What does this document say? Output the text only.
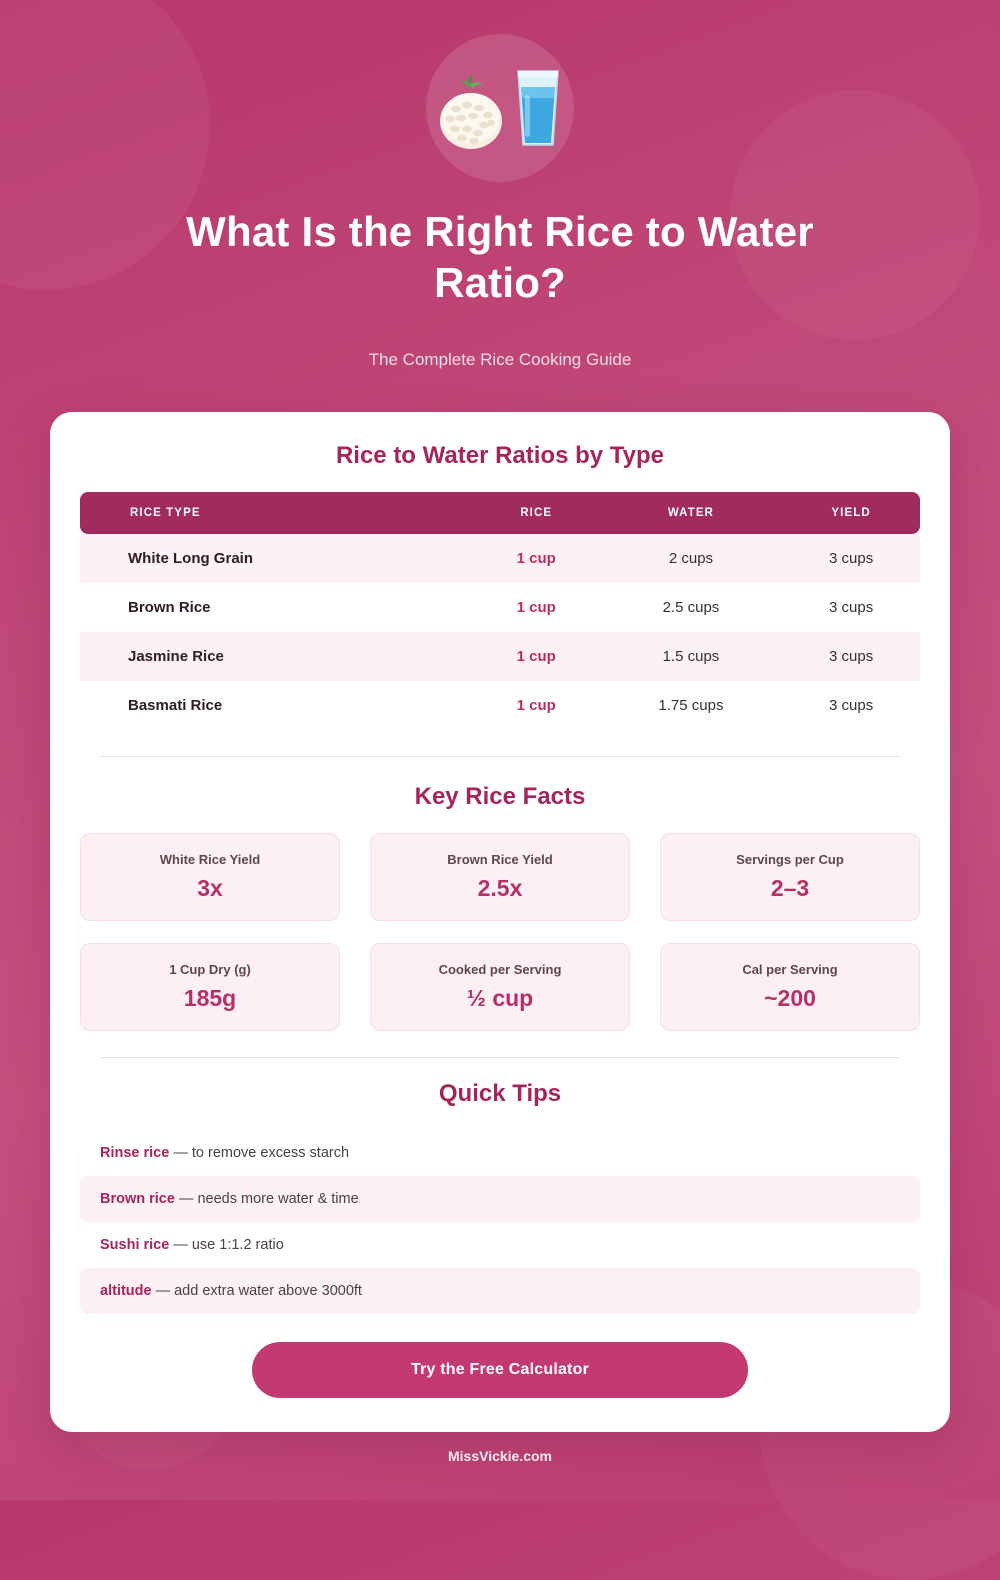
What Is the Right Rice to Water Ratio?
The Complete Rice Cooking Guide
Rice to Water Ratios by Type
RICE TYPE	RICE	WATER	YIELD
White Long Grain	1 cup	2 cups	3 cups
Brown Rice	1 cup	2.5 cups	3 cups
Jasmine Rice	1 cup	1.5 cups	3 cups
Basmati Rice	1 cup	1.75 cups	3 cups
Key Rice Facts
White Rice Yield
3x
Brown Rice Yield
2.5x
Servings per Cup
2–3
1 Cup Dry (g)
185g
Cooked per Serving
½ cup
Cal per Serving
~200
Quick Tips
Rinse rice — to remove excess starch
Brown rice — needs more water & time
Sushi rice — use 1:1.2 ratio
altitude — add extra water above 3000ft
Try the Free Calculator
MissVickie.com
